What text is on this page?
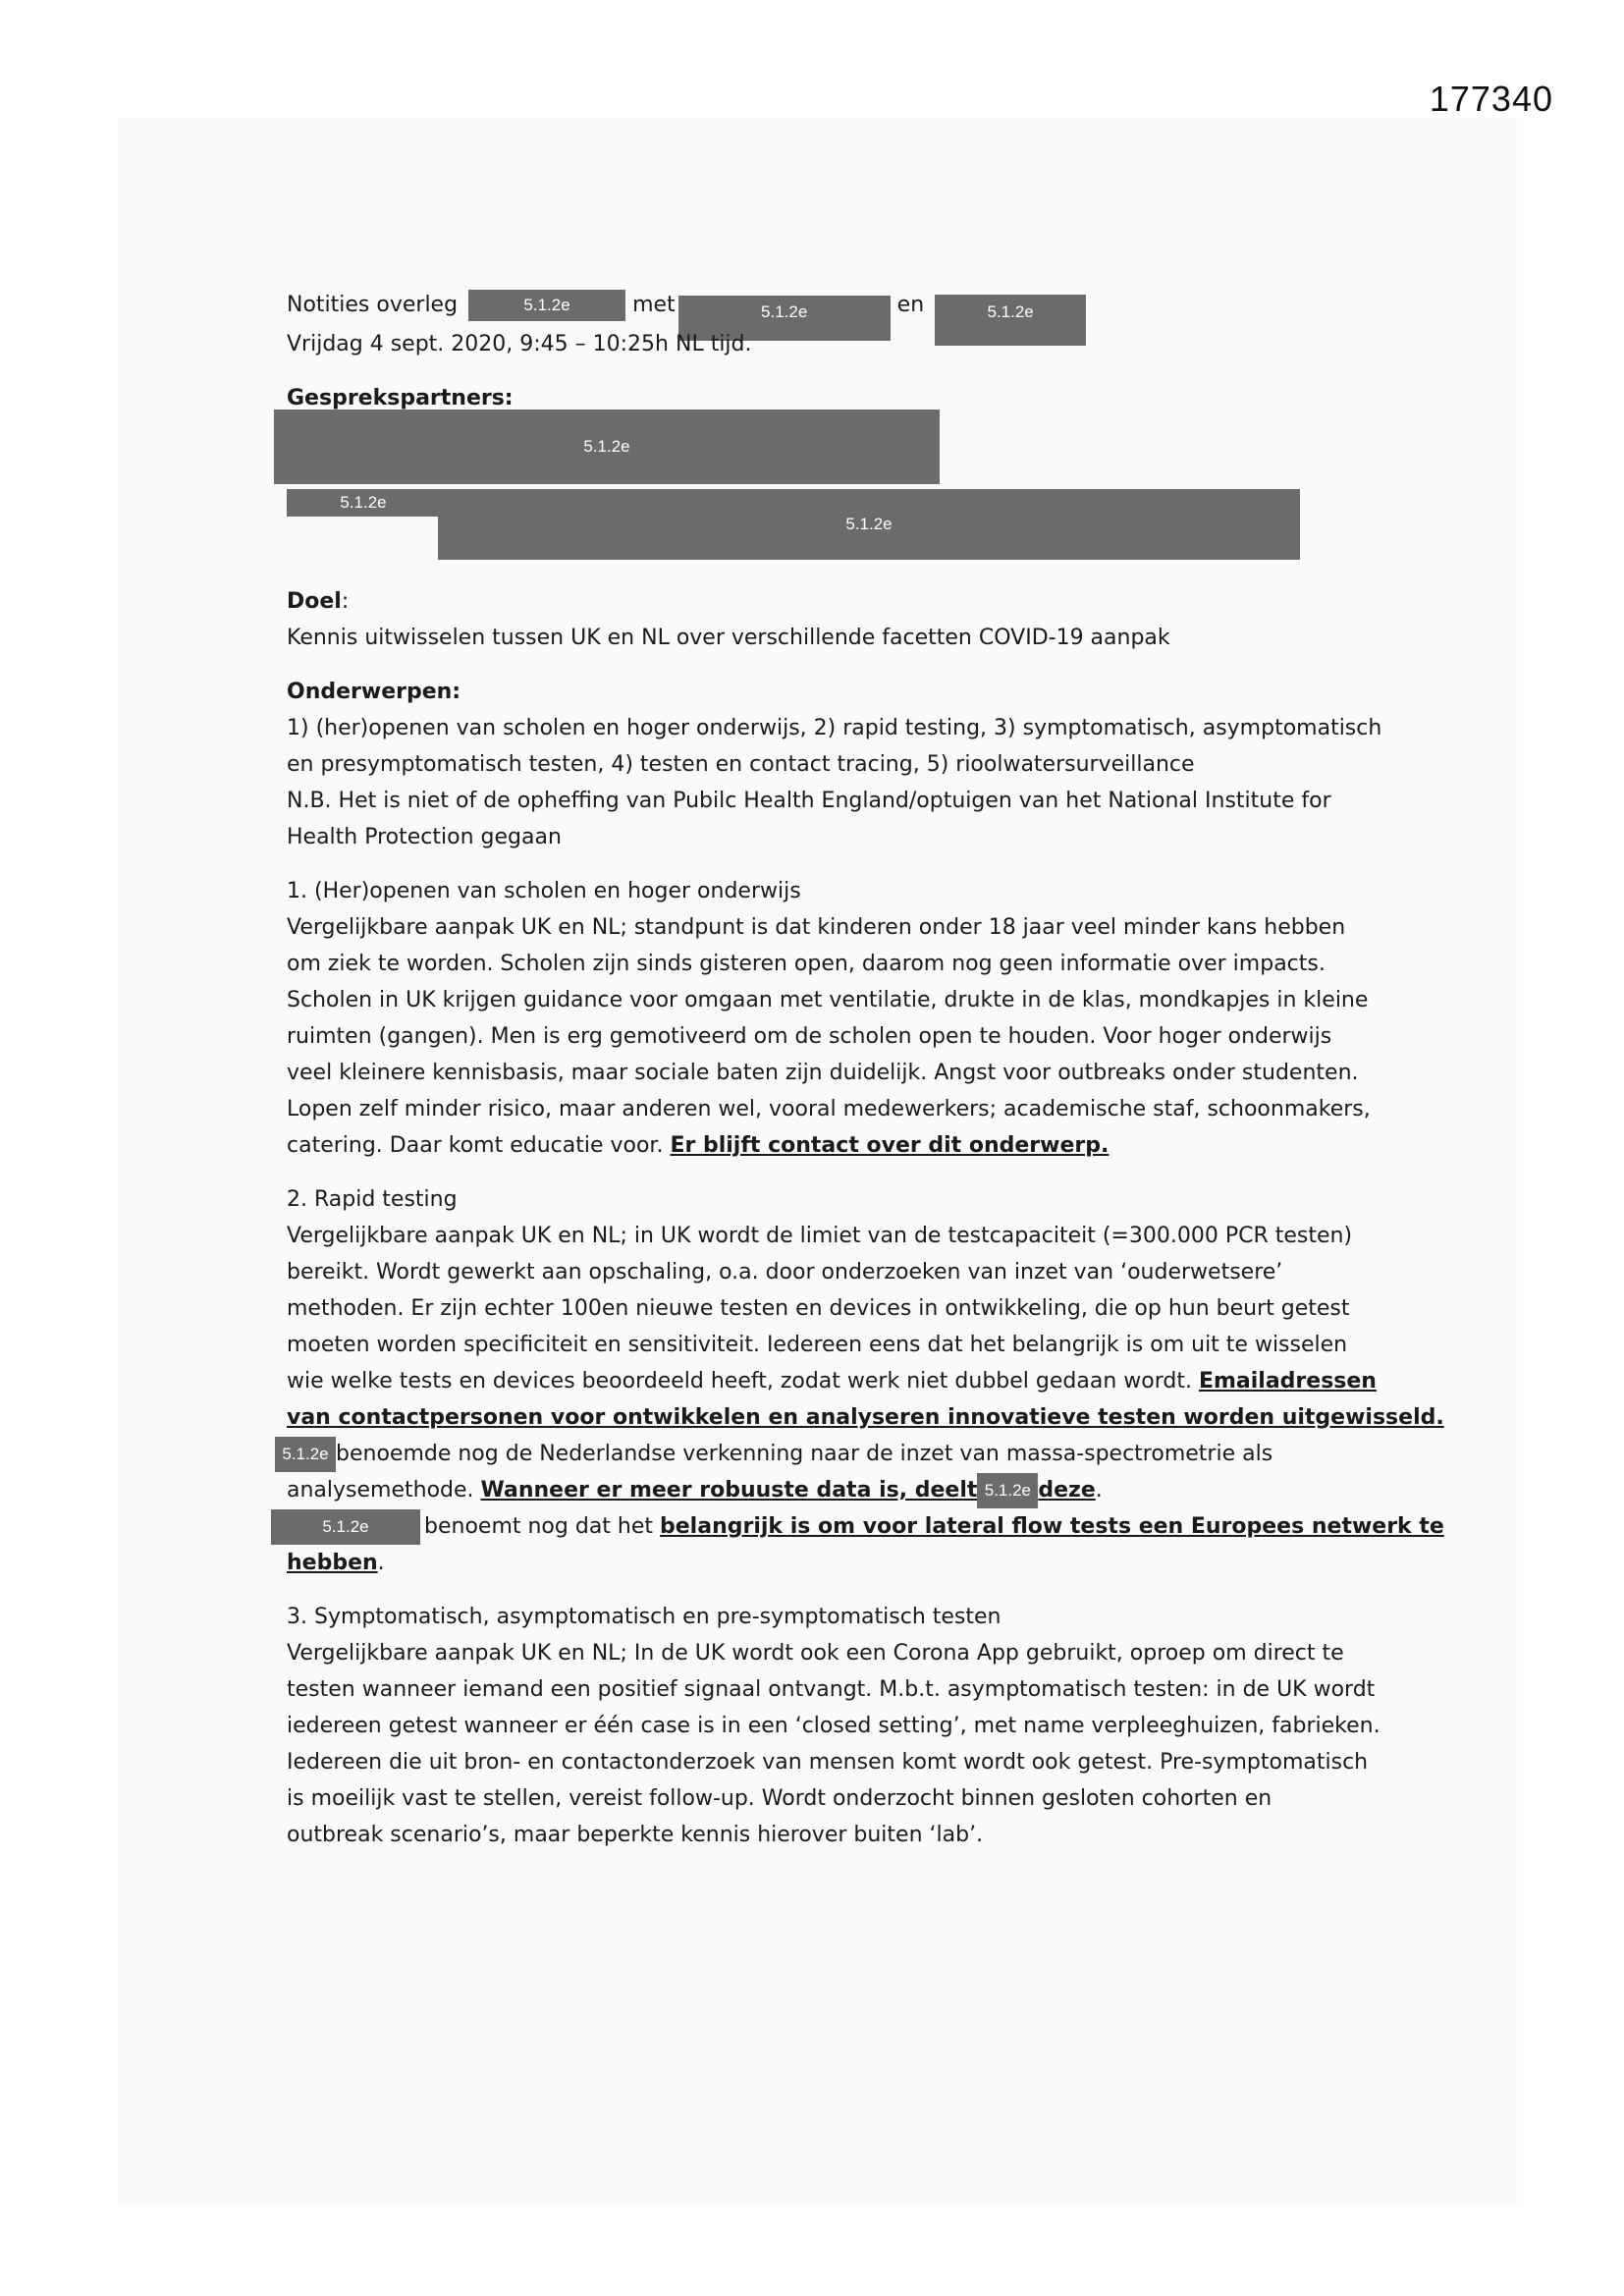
177340
5.1.2e
5.1.2e
5.1.2e
Notities overleg	5.1.2e	met	5.1.2e	en	5.1.2e
Vrijdag 4 sept. 2020, 9:45 – 10:25h NL tijd.
Gesprekspartners:
Doel:
Kennis uitwisselen tussen UK en NL over verschillende facetten COVID-19 aanpak
Onderwerpen:
1) (her)openen van scholen en hoger onderwijs, 2) rapid testing, 3) symptomatisch, asymptomatisch
en presymptomatisch testen, 4) testen en contact tracing, 5) rioolwatersurveillance
N.B. Het is niet of de opheffing van Pubilc Health England/optuigen van het National Institute for
Health Protection gegaan
1. (Her)openen van scholen en hoger onderwijs
Vergelijkbare aanpak UK en NL; standpunt is dat kinderen onder 18 jaar veel minder kans hebben
om ziek te worden. Scholen zijn sinds gisteren open, daarom nog geen informatie over impacts.
Scholen in UK krijgen guidance voor omgaan met ventilatie, drukte in de klas, mondkapjes in kleine
ruimten (gangen). Men is erg gemotiveerd om de scholen open te houden. Voor hoger onderwijs
veel kleinere kennisbasis, maar sociale baten zijn duidelijk. Angst voor outbreaks onder studenten.
Lopen zelf minder risico, maar anderen wel, vooral medewerkers; academische staf, schoonmakers,
catering. Daar komt educatie voor. Er blijft contact over dit onderwerp.
2. Rapid testing
Vergelijkbare aanpak UK en NL; in UK wordt de limiet van de testcapaciteit (=300.000 PCR testen)
bereikt. Wordt gewerkt aan opschaling, o.a. door onderzoeken van inzet van ‘ouderwetsere’
methoden. Er zijn echter 100en nieuwe testen en devices in ontwikkeling, die op hun beurt getest
moeten worden specificiteit en sensitiviteit. Iedereen eens dat het belangrijk is om uit te wisselen
wie welke tests en devices beoordeeld heeft, zodat werk niet dubbel gedaan wordt. Emailadressen
van contactpersonen voor ontwikkelen en analyseren innovatieve testen worden uitgewisseld.
5.1.2e benoemde nog de Nederlandse verkenning naar de inzet van massa-spectrometrie als
analysemethode. Wanneer er meer robuuste data is, deelt 5.1.2e deze.
5.1.2e	benoemt nog dat het belangrijk is om voor lateral flow tests een Europees netwerk te
hebben.
3. Symptomatisch, asymptomatisch en pre-symptomatisch testen
Vergelijkbare aanpak UK en NL; In de UK wordt ook een Corona App gebruikt, oproep om direct te
testen wanneer iemand een positief signaal ontvangt. M.b.t. asymptomatisch testen: in de UK wordt
iedereen getest wanneer er één case is in een ‘closed setting’, met name verpleeghuizen, fabrieken.
Iedereen die uit bron- en contactonderzoek van mensen komt wordt ook getest. Pre-symptomatisch
is moeilijk vast te stellen, vereist follow-up. Wordt onderzocht binnen gesloten cohorten en
outbreak scenario’s, maar beperkte kennis hierover buiten ‘lab’.
